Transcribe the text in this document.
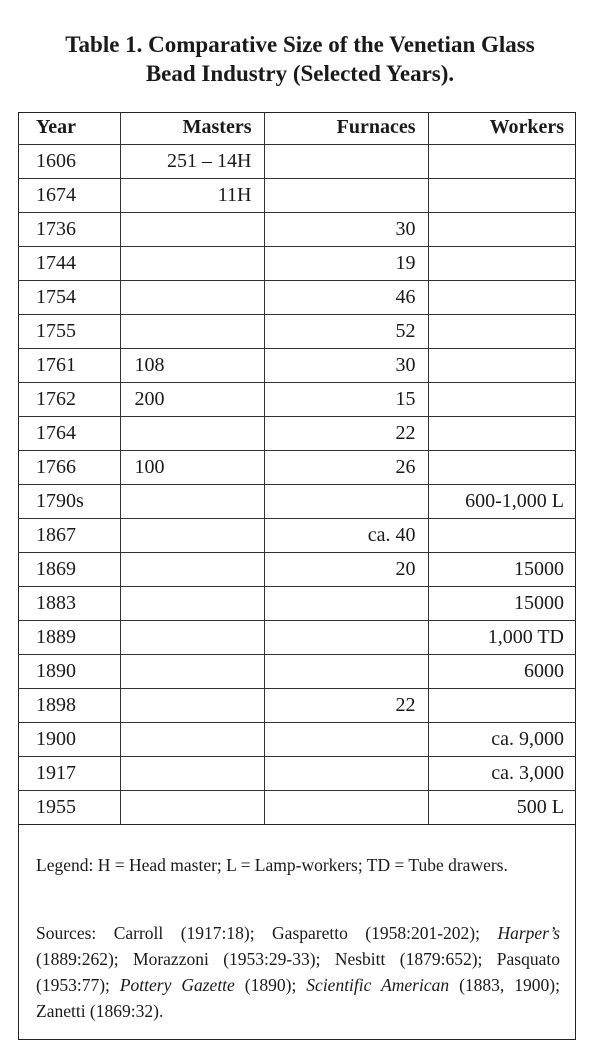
Table 1. Comparative Size of the Venetian Glass
Bead Industry (Selected Years).
Year	Masters	Furnaces	Workers
1606	251 – 14H		
1674	11H		
1736		30	
1744		19	
1754		46	
1755		52	
1761	108	30	
1762	200	15	
1764		22	
1766	100	26	
1790s			600-1,000 L
1867		ca. 40	
1869		20	15000
1883			15000
1889			1,000 TD
1890			6000
1898		22	
1900			ca. 9,000
1917			ca. 3,000
1955			500 L
Legend: H = Head master; L = Lamp-workers; TD = Tube drawers.
Sources: Carroll (1917:18); Gasparetto (1958:201-202); Harper’s (1889:262); Morazzoni (1953:29-33); Nesbitt (1879:652); Pasquato (1953:77); Pottery Gazette (1890); Scientific American (1883, 1900); Zanetti (1869:32).
